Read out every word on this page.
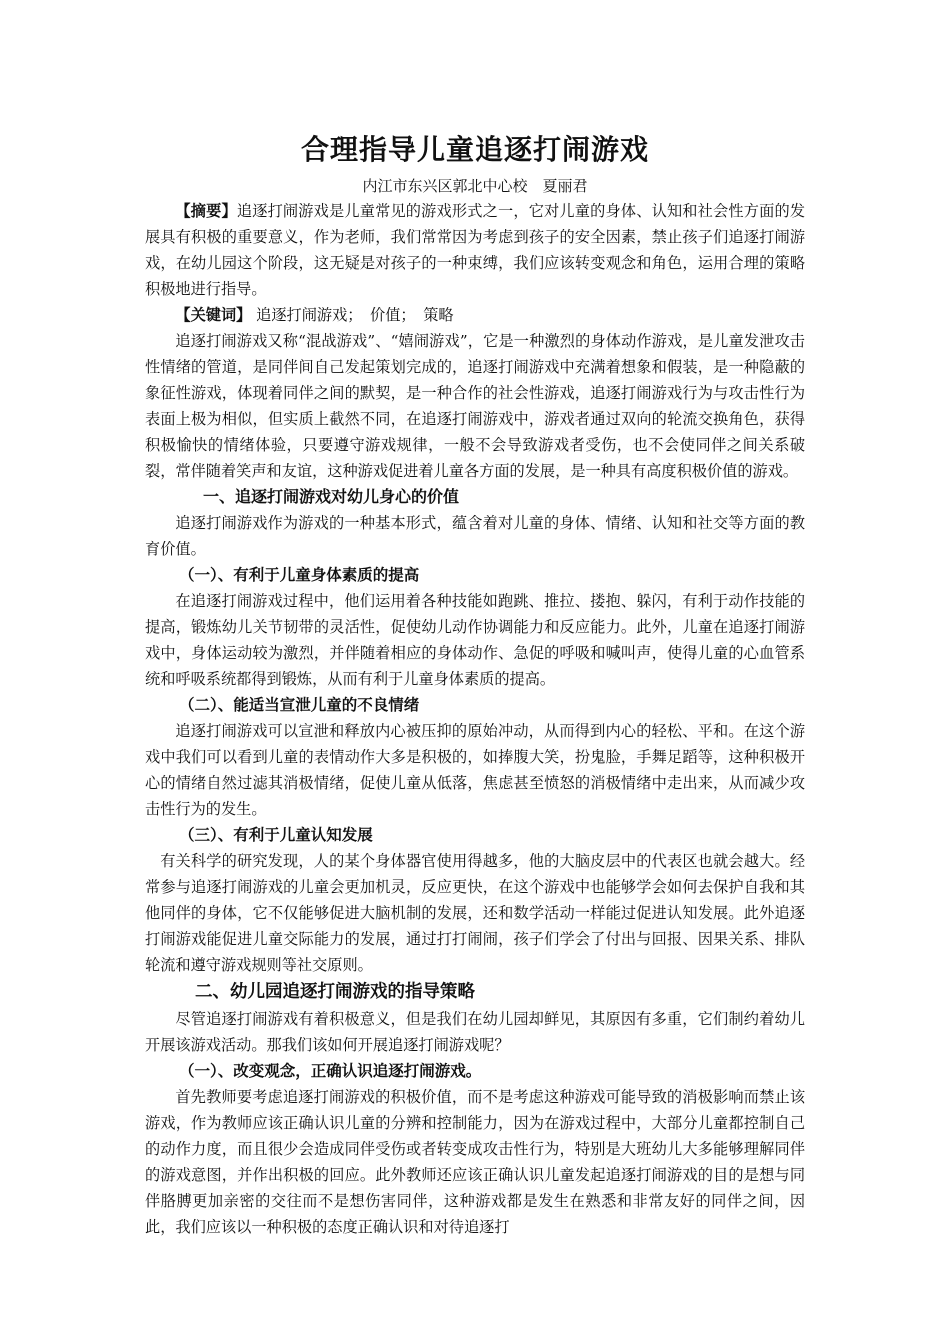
合理指导儿童追逐打闹游戏

内江市东兴区郭北中心校　夏丽君

【摘要】追逐打闹游戏是儿童常见的游戏形式之一，它对儿童的身体、认知和社会性方面的发展具有积极的重要意义，作为老师，我们常常因为考虑到孩子的安全因素，禁止孩子们追逐打闹游戏，在幼儿园这个阶段，这无疑是对孩子的一种束缚，我们应该转变观念和角色，运用合理的策略积极地进行指导。

【关键词】 追逐打闹游戏；　价值；　策略

追逐打闹游戏又称“混战游戏”、“嬉闹游戏”，它是一种激烈的身体动作游戏，是儿童发泄攻击性情绪的管道，是同伴间自己发起策划完成的，追逐打闹游戏中充满着想象和假装，是一种隐蔽的象征性游戏，体现着同伴之间的默契，是一种合作的社会性游戏，追逐打闹游戏行为与攻击性行为表面上极为相似，但实质上截然不同，在追逐打闹游戏中，游戏者通过双向的轮流交换角色，获得积极愉快的情绪体验，只要遵守游戏规律，一般不会导致游戏者受伤，也不会使同伴之间关系破裂，常伴随着笑声和友谊，这种游戏促进着儿童各方面的发展，是一种具有高度积极价值的游戏。

一、追逐打闹游戏对幼儿身心的价值

追逐打闹游戏作为游戏的一种基本形式，蕴含着对儿童的身体、情绪、认知和社交等方面的教育价值。

（一）、有利于儿童身体素质的提高

在追逐打闹游戏过程中，他们运用着各种技能如跑跳、推拉、搂抱、躲闪，有利于动作技能的提高，锻炼幼儿关节韧带的灵活性，促使幼儿动作协调能力和反应能力。此外，儿童在追逐打闹游戏中，身体运动较为激烈，并伴随着相应的身体动作、急促的呼吸和喊叫声，使得儿童的心血管系统和呼吸系统都得到锻炼，从而有利于儿童身体素质的提高。

（二）、能适当宣泄儿童的不良情绪

追逐打闹游戏可以宣泄和释放内心被压抑的原始冲动，从而得到内心的轻松、平和。在这个游戏中我们可以看到儿童的表情动作大多是积极的，如捧腹大笑，扮鬼脸，手舞足蹈等，这种积极开心的情绪自然过滤其消极情绪，促使儿童从低落，焦虑甚至愤怒的消极情绪中走出来，从而减少攻击性行为的发生。

（三）、有利于儿童认知发展

有关科学的研究发现，人的某个身体器官使用得越多，他的大脑皮层中的代表区也就会越大。经常参与追逐打闹游戏的儿童会更加机灵，反应更快，在这个游戏中也能够学会如何去保护自我和其他同伴的身体，它不仅能够促进大脑机制的发展，还和数学活动一样能过促进认知发展。此外追逐打闹游戏能促进儿童交际能力的发展，通过打打闹闹，孩子们学会了付出与回报、因果关系、排队轮流和遵守游戏规则等社交原则。

二、幼儿园追逐打闹游戏的指导策略

尽管追逐打闹游戏有着积极意义，但是我们在幼儿园却鲜见，其原因有多重，它们制约着幼儿开展该游戏活动。那我们该如何开展追逐打闹游戏呢？

（一）、改变观念，正确认识追逐打闹游戏。

首先教师要考虑追逐打闹游戏的积极价值，而不是考虑这种游戏可能导致的消极影响而禁止该游戏，作为教师应该正确认识儿童的分辨和控制能力，因为在游戏过程中，大部分儿童都控制自己的动作力度，而且很少会造成同伴受伤或者转变成攻击性行为，特别是大班幼儿大多能够理解同伴的游戏意图，并作出积极的回应。此外教师还应该正确认识儿童发起追逐打闹游戏的目的是想与同伴胳膊更加亲密的交往而不是想伤害同伴，这种游戏都是发生在熟悉和非常友好的同伴之间，因此，我们应该以一种积极的态度正确认识和对待追逐打
